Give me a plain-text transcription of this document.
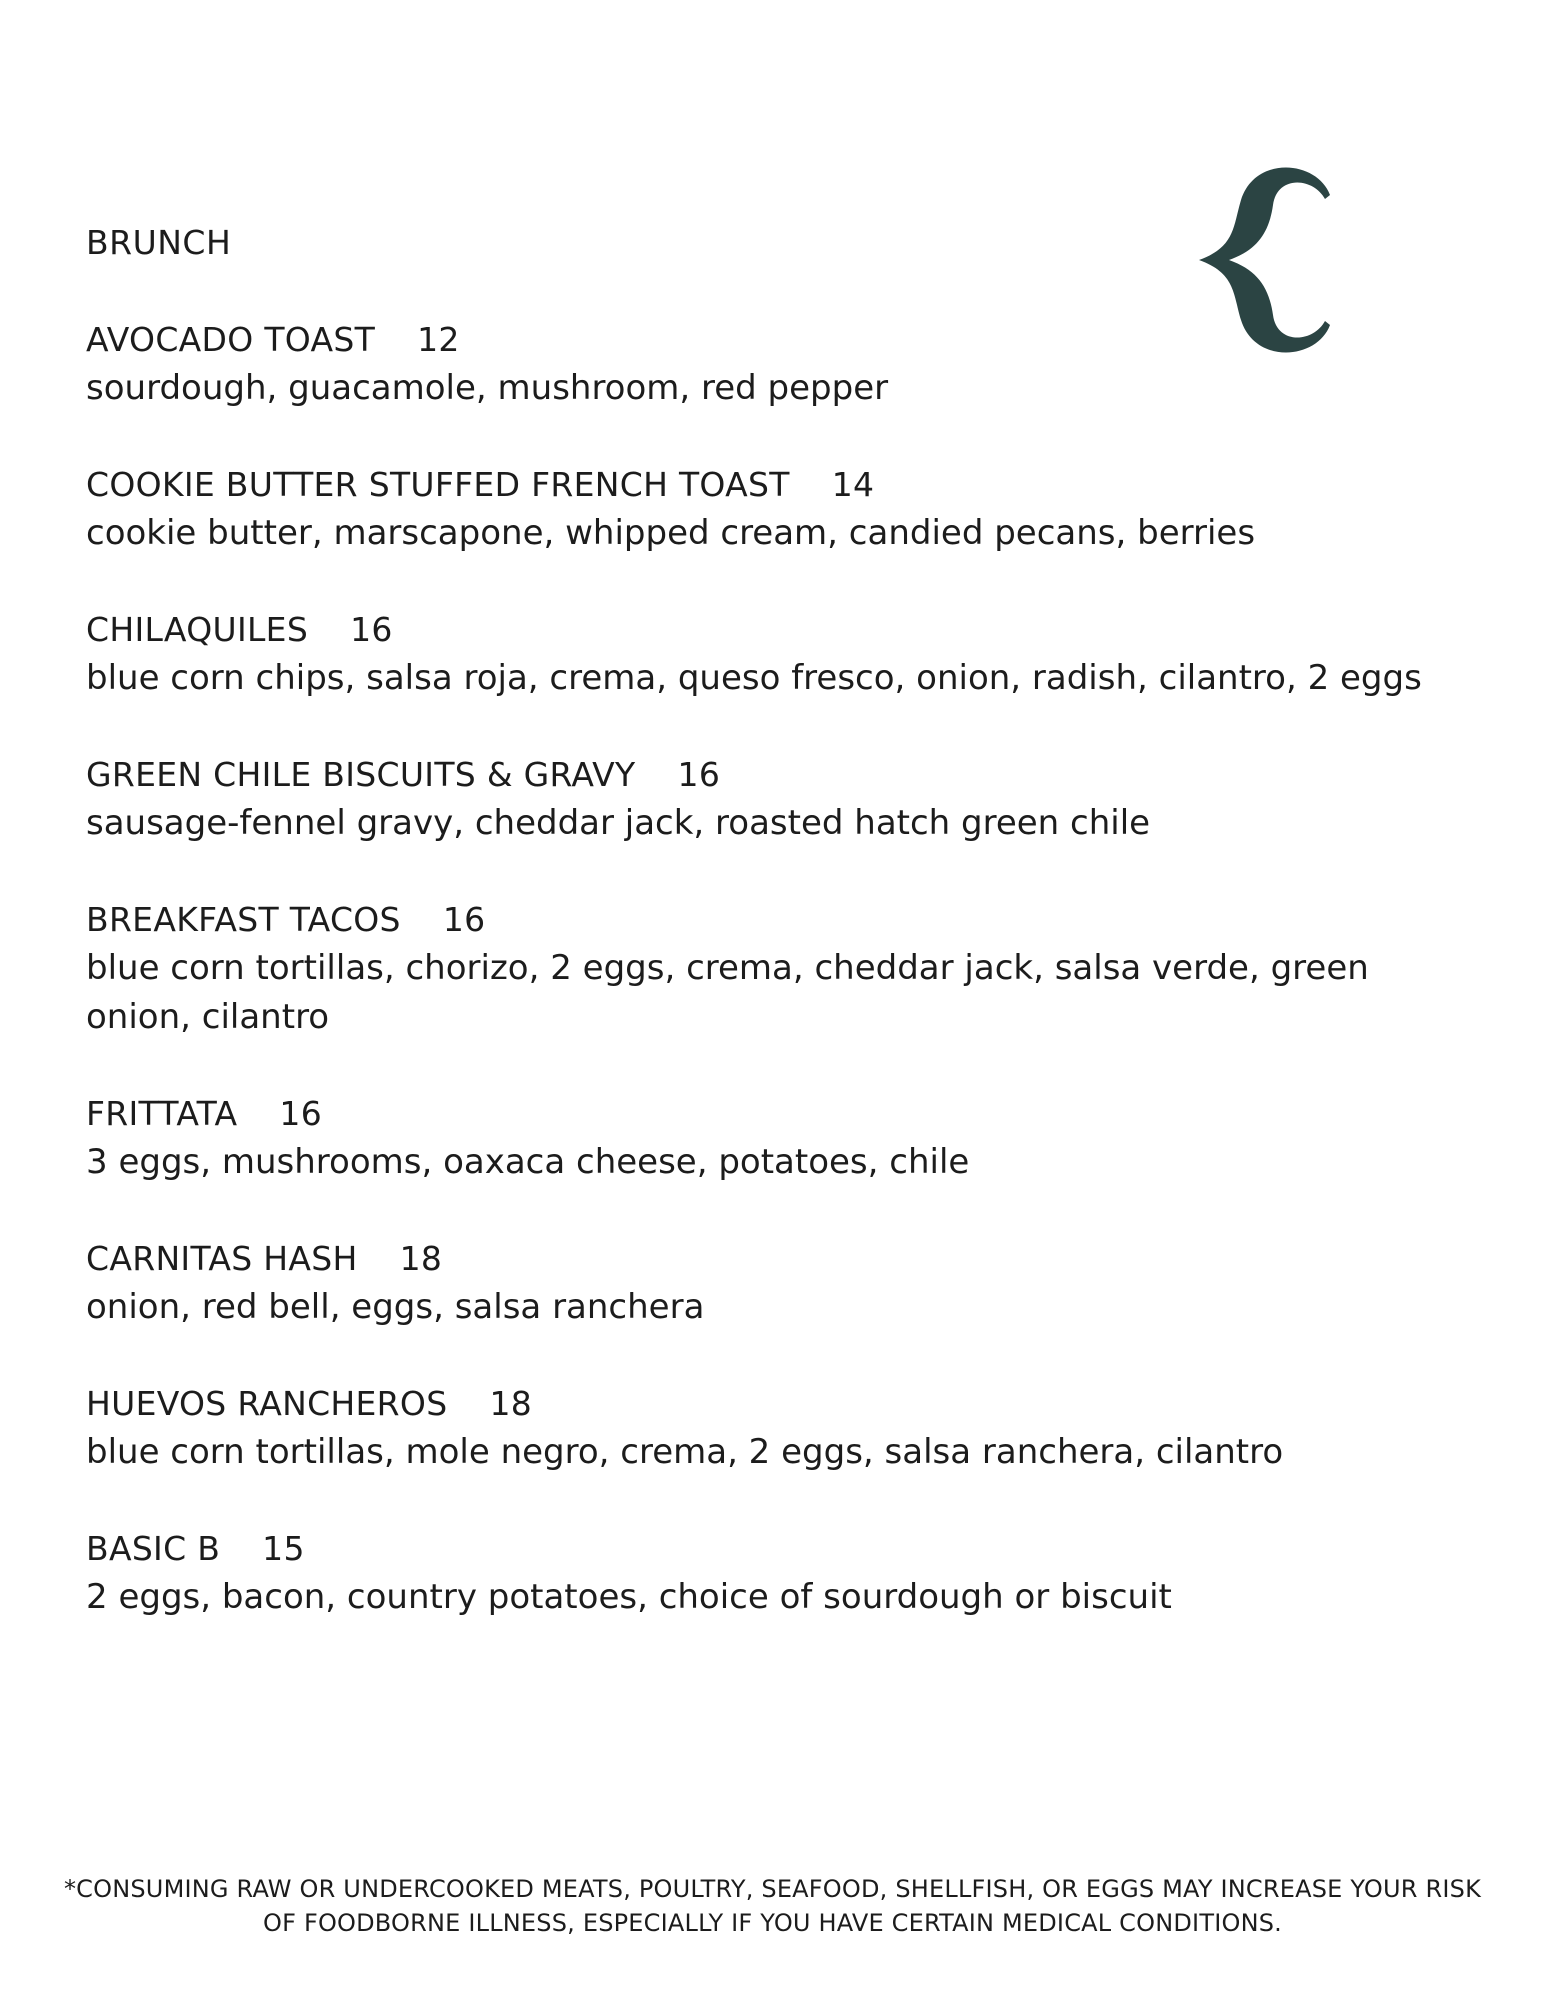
BRUNCH
AVOCADO TOAST 12
sourdough, guacamole, mushroom, red pepper
COOKIE BUTTER STUFFED FRENCH TOAST 14
cookie butter, marscapone, whipped cream, candied pecans, berries
CHILAQUILES 16
blue corn chips, salsa roja, crema, queso fresco, onion, radish, cilantro, 2 eggs
GREEN CHILE BISCUITS & GRAVY 16
sausage-fennel gravy, cheddar jack, roasted hatch green chile
BREAKFAST TACOS 16
blue corn tortillas, chorizo, 2 eggs, crema, cheddar jack, salsa verde, green onion, cilantro
FRITTATA 16
3 eggs, mushrooms, oaxaca cheese, potatoes, chile
CARNITAS HASH 18
onion, red bell, eggs, salsa ranchera
HUEVOS RANCHEROS 18
blue corn tortillas, mole negro, crema, 2 eggs, salsa ranchera, cilantro
BASIC B 15
2 eggs, bacon, country potatoes, choice of sourdough or biscuit
*CONSUMING RAW OR UNDERCOOKED MEATS, POULTRY, SEAFOOD, SHELLFISH, OR EGGS MAY INCREASE YOUR RISK OF FOODBORNE ILLNESS, ESPECIALLY IF YOU HAVE CERTAIN MEDICAL CONDITIONS.
